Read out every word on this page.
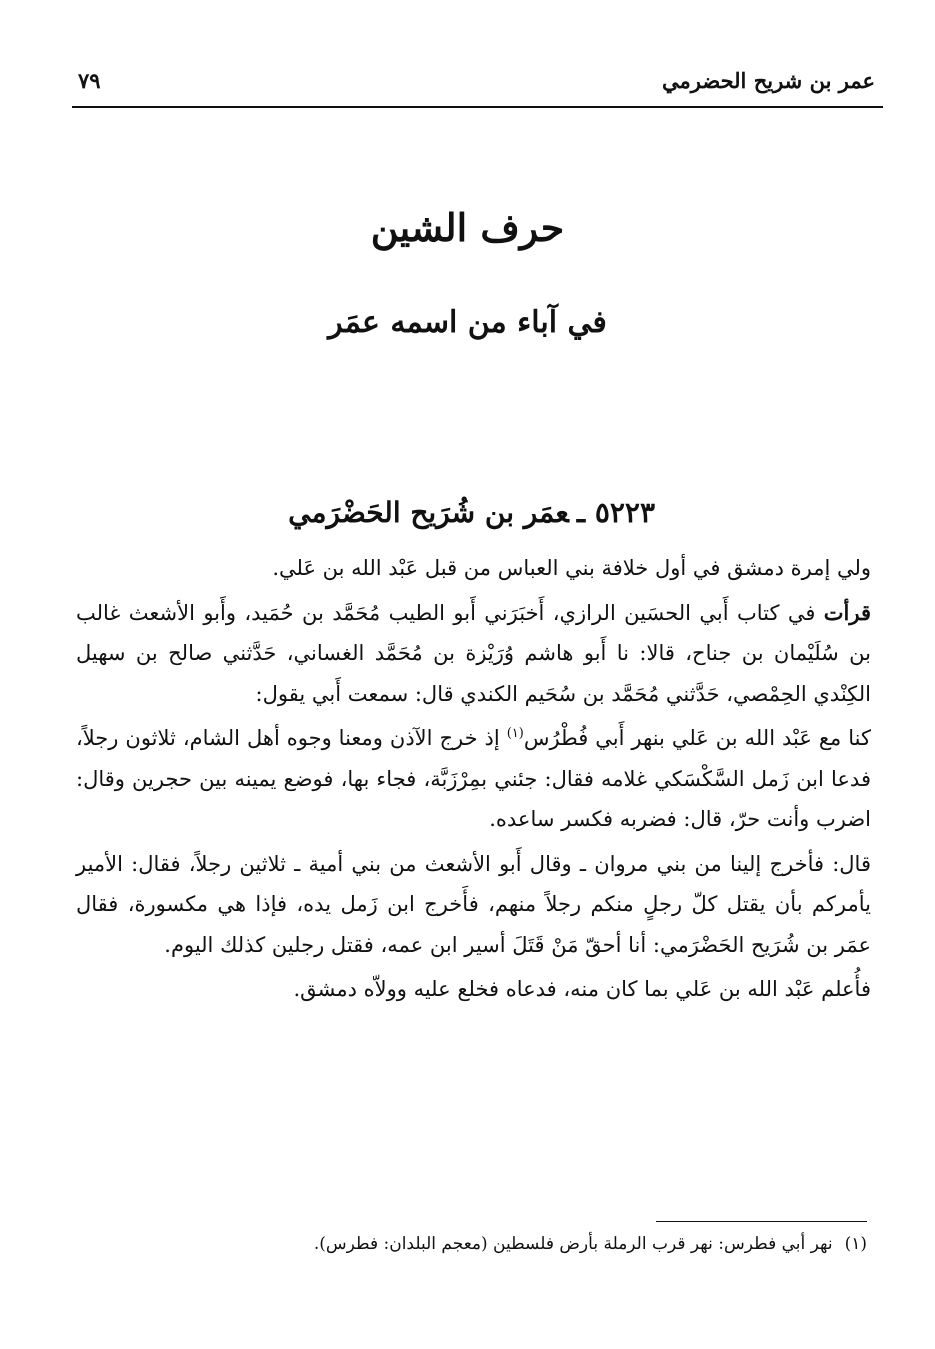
عمر بن شريح الحضرمي
٧٩
حرف الشين
في آباء من اسمه عمَر
٥٢٢٣ ـعمَر بن شُرَيح الحَضْرَمي

ولي إمرة دمشق في أول خلافة بني العباس من قبل عَبْد الله بن عَلي.

قرأت في كتاب أَبي الحسَين الرازي، أَخبَرَني أَبو الطيب مُحَمَّد بن حُمَيد، وأَبو الأشعث غالب بن سُلَيْمان بن جناح، قالا: نا أَبو هاشم وُرَيْزة بن مُحَمَّد الغساني، حَدَّثني صالح بن سهيل الكِنْدي الحِمْصي، حَدَّثني مُحَمَّد بن سُحَيم الكندي قال: سمعت أَبي يقول:

كنا مع عَبْد الله بن عَلي بنهر أَبي فُطْرُس$^{(١)}$ إذ خرج الآذن ومعنا وجوه أهل الشام، ثلاثون رجلاً، فدعا ابن زَمل السَّكْسَكي غلامه فقال: جئني بمِرْزَبَّة، فجاء بها، فوضع يمينه بين حجرين وقال: اضرب وأنت حرّ، قال: فضربه فكسر ساعده.

قال: فأخرج إلينا من بني مروان ـ وقال أَبو الأشعث من بني أمية ـ ثلاثين رجلاً، فقال: الأمير يأمركم بأن يقتل كلّ رجلٍ منكم رجلاً منهم، فأَخرج ابن زَمل يده، فإذا هي مكسورة، فقال عمَر بن شُرَيح الحَضْرَمي: أنا أحقّ مَنْ قَتَلَ أسير ابن عمه، فقتل رجلين كذلك اليوم.

فأُعلم عَبْد الله بن عَلي بما كان منه، فدعاه فخلع عليه وولاّه دمشق.

(١)نهر أبي فطرس: نهر قرب الرملة بأرض فلسطين (معجم البلدان: فطرس).
